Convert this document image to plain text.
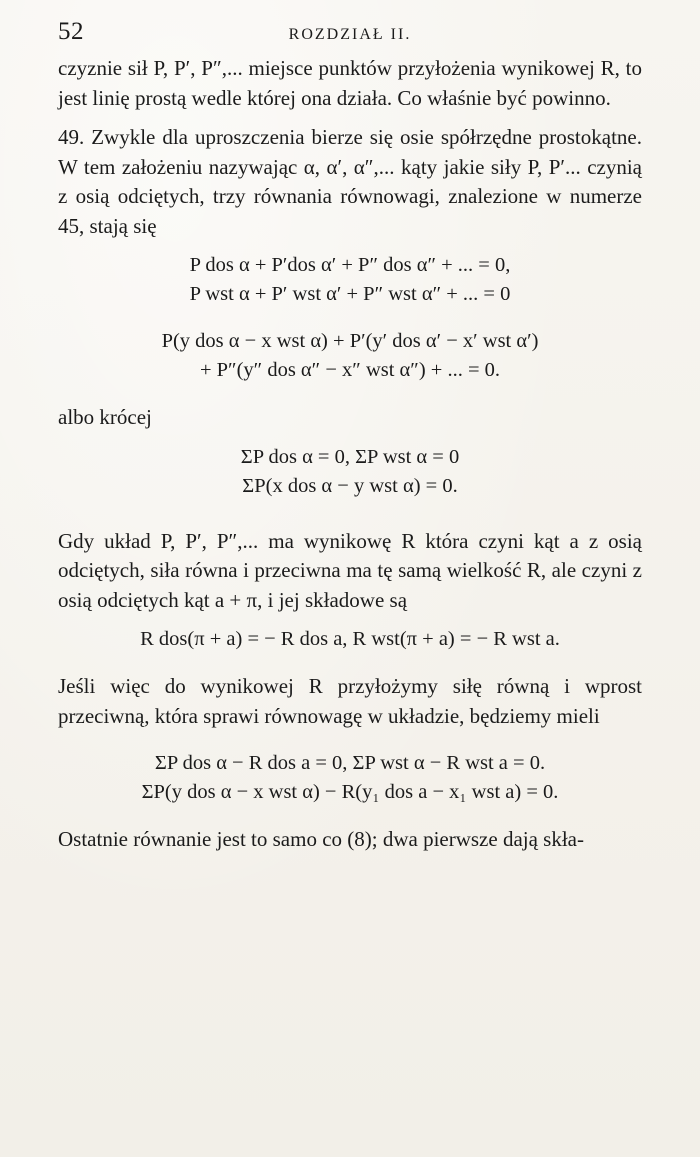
52	ROZDZIAŁ II.

czyznie sił P, P′, P″,... miejsce punktów przyłożenia wynikowej R, to jest linię prostą wedle której ona działa. Co właśnie być powinno.

49. Zwykle dla uproszczenia bierze się osie spółrzędne prostokątne. W tem założeniu nazywając α, α′, α″,... kąty jakie siły P, P′... czynią z osią odciętych, trzy równania równowagi, znalezione w numerze 45, stają się

P dos α + P′dos α′ + P″ dos α″ + ... = 0,

P wst α + P′ wst α′ + P″ wst α″ + ... = 0

P(y dos α − x wst α) + P′(y′ dos α′ − x′ wst α′)

+ P″(y″ dos α″ − x″ wst α″) + ... = 0.

albo krócej

ΣP dos α = 0, ΣP wst α = 0

ΣP(x dos α − y wst α) = 0.

Gdy układ P, P′, P″,... ma wynikowę R która czyni kąt a z osią odciętych, siła równa i przeciwna ma tę samą wielkość R, ale czyni z osią odciętych kąt a + π, i jej składowe są

R dos(π + a) = − R dos a, R wst(π + a) = − R wst a.

Jeśli więc do wynikowej R przyłożymy siłę równą i wprost przeciwną, która sprawi równowagę w układzie, będziemy mieli

ΣP dos α − R dos a = 0, ΣP wst α − R wst a = 0.

ΣP(y dos α − x wst α) − R(y₁ dos a − x₁ wst a) = 0.

Ostatnie równanie jest to samo co (8); dwa pierwsze dają skła-
